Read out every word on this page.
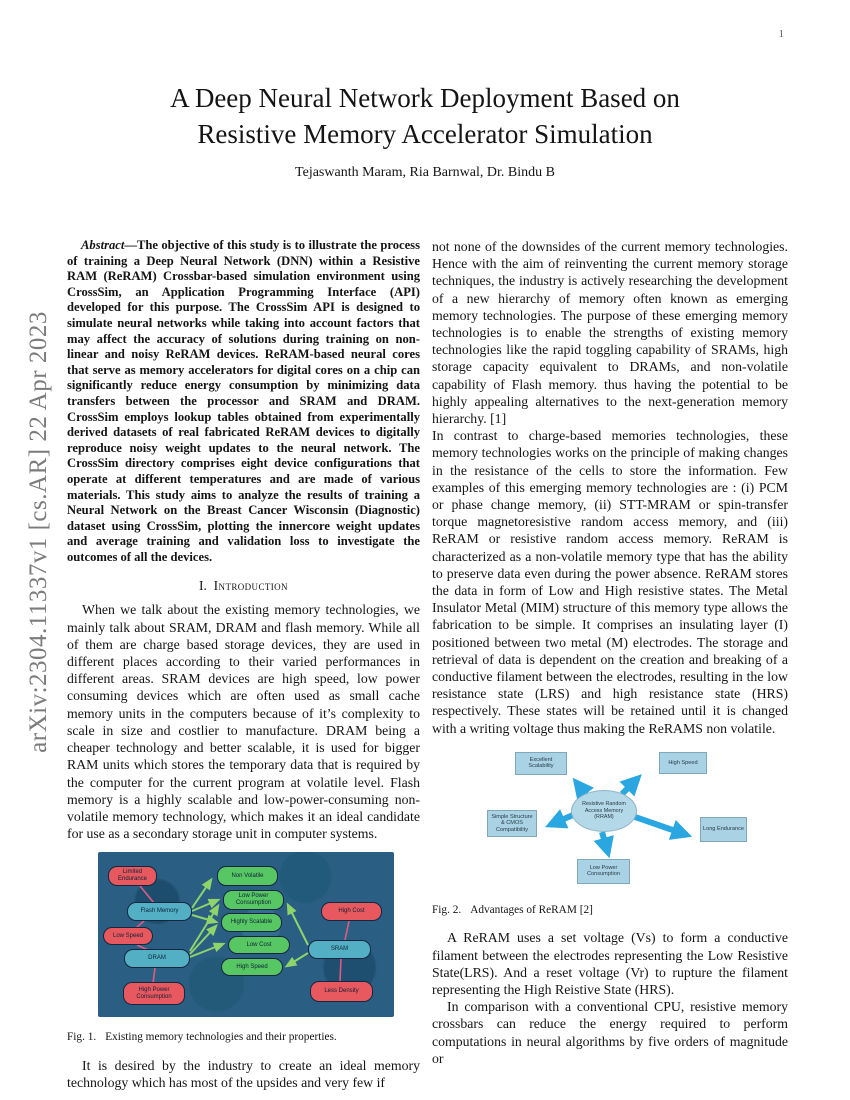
1
arXiv:2304.11337v1 [cs.AR] 22 Apr 2023
A Deep Neural Network Deployment Based on
Resistive Memory Accelerator Simulation
Tejaswanth Maram, Ria Barnwal, Dr. Bindu B

Abstract—The objective of this study is to illustrate the process of training a Deep Neural Network (DNN) within a Resistive RAM (ReRAM) Crossbar-based simulation environment using CrossSim, an Application Programming Interface (API) developed for this purpose. The CrossSim API is designed to simulate neural networks while taking into account factors that may affect the accuracy of solutions during training on non-linear and noisy ReRAM devices. ReRAM-based neural cores that serve as memory accelerators for digital cores on a chip can significantly reduce energy consumption by minimizing data transfers between the processor and SRAM and DRAM. CrossSim employs lookup tables obtained from experimentally derived datasets of real fabricated ReRAM devices to digitally reproduce noisy weight updates to the neural network. The CrossSim directory comprises eight device configurations that operate at different temperatures and are made of various materials. This study aims to analyze the results of training a Neural Network on the Breast Cancer Wisconsin (Diagnostic) dataset using CrossSim, plotting the innercore weight updates and average training and validation loss to investigate the outcomes of all the devices.

I. Introduction

When we talk about the existing memory technologies, we mainly talk about SRAM, DRAM and flash memory. While all of them are charge based storage devices, they are used in different places according to their varied performances in different areas. SRAM devices are high speed, low power consuming devices which are often used as small cache memory units in the computers because of it’s complexity to scale in size and costlier to manufacture. DRAM being a cheaper technology and better scalable, it is used for bigger RAM units which stores the temporary data that is required by the computer for the current program at volatile level. Flash memory is a highly scalable and low-power-consuming non-volatile memory technology, which makes it an ideal candidate for use as a secondary storage unit in computer systems.

Limited Endurance
Flash Memory
Low Speed
DRAM
High Power Consumption
Non Volatile
Low Power Consumption
Highly Scalable
Low Cost
High Speed
SRAM
High Cost
Less Density

Fig. 1. Existing memory technologies and their properties.

It is desired by the industry to create an ideal memory technology which has most of the upsides and very few if

not none of the downsides of the current memory technologies. Hence with the aim of reinventing the current memory storage techniques, the industry is actively researching the development of a new hierarchy of memory often known as emerging memory technologies. The purpose of these emerging memory technologies is to enable the strengths of existing memory technologies like the rapid toggling capability of SRAMs, high storage capacity equivalent to DRAMs, and non-volatile capability of Flash memory. thus having the potential to be highly appealing alternatives to the next-generation memory hierarchy. [1]

In contrast to charge-based memories technologies, these memory technologies works on the principle of making changes in the resistance of the cells to store the information. Few examples of this emerging memory technologies are : (i) PCM or phase change memory, (ii) STT-MRAM or spin-transfer torque magnetoresistive random access memory, and (iii) ReRAM or resistive random access memory. ReRAM is characterized as a non-volatile memory type that has the ability to preserve data even during the power absence. ReRAM stores the data in form of Low and High resistive states. The Metal Insulator Metal (MIM) structure of this memory type allows the fabrication to be simple. It comprises an insulating layer (I) positioned between two metal (M) electrodes. The storage and retrieval of data is dependent on the creation and breaking of a conductive filament between the electrodes, resulting in the low resistance state (LRS) and high resistance state (HRS) respectively. These states will be retained until it is changed with a writing voltage thus making the ReRAMS non volatile.

Excellent Scalability
High Speed
Simple Structure & CMOS Compatibility	Long Endurance
Low Power Consumption
Resistive Random Access Memory (RRAM)

Fig. 2. Advantages of ReRAM [2]

A ReRAM uses a set voltage (Vs) to form a conductive filament between the electrodes representing the Low Resistive State(LRS). And a reset voltage (Vr) to rupture the filament representing the High Reistive State (HRS).

In comparison with a conventional CPU, resistive memory crossbars can reduce the energy required to perform computations in neural algorithms by five orders of magnitude or
